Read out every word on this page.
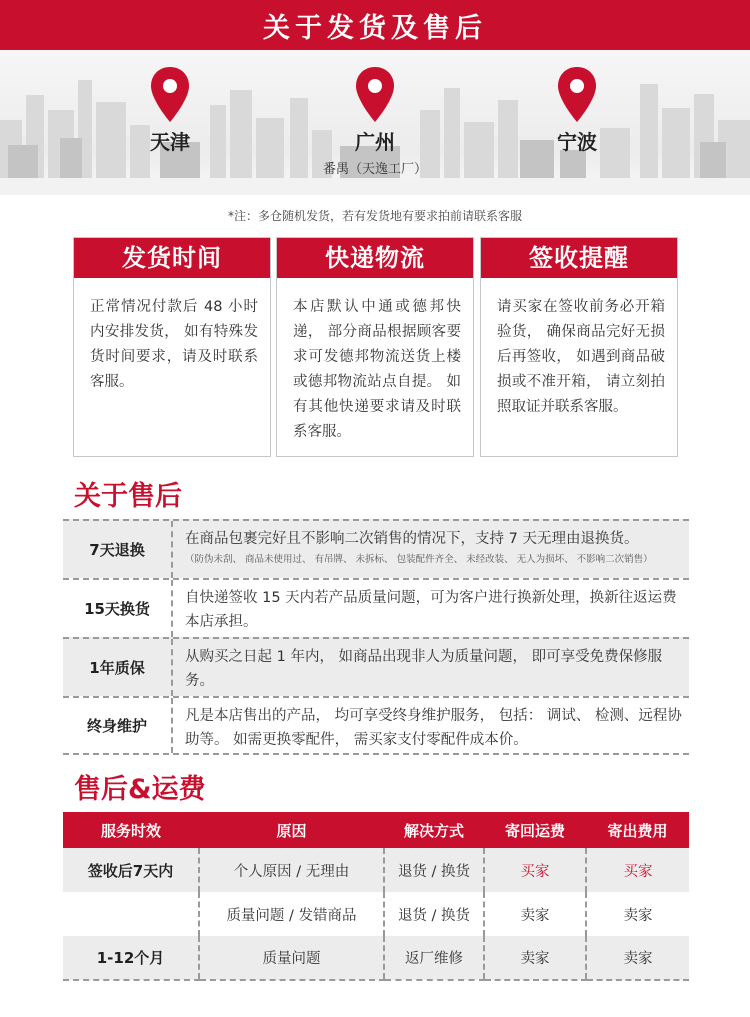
关于发货及售后
天津	广州
番禺（天逸工厂）
宁波
*注：多仓随机发货，若有发货地有要求拍前请联系客服
发货时间
正常情况付款后 48 小时内安排发货， 如有特殊发货时间要求，请及时联系客服。
快递物流
本店默认中通或德邦快递， 部分商品根据顾客要求可发德邦物流送货上楼或德邦物流站点自提。 如有其他快递要求请及时联系客服。
签收提醒
请买家在签收前务必开箱验货， 确保商品完好无损后再签收， 如遇到商品破损或不准开箱， 请立刻拍照取证并联系客服。
关于售后
7天退换
在商品包裹完好且不影响二次销售的情况下，支持 7 天无理由退换货。
（防伪未刮、 商品未使用过、 有吊牌、 未拆标、 包装配件齐全、 未经改装、 无人为损坏、 不影响二次销售）
15天换货
自快递签收 15 天内若产品质量问题，可为客户进行换新处理，换新往返运费本店承担。
1年质保
从购买之日起 1 年内， 如商品出现非人为质量问题， 即可享受免费保修服务。
终身维护
凡是本店售出的产品， 均可享受终身维护服务， 包括： 调试、 检测、远程协助等。 如需更换零配件， 需买家支付零配件成本价。
售后&运费
服务时效	原因	解决方式	寄回运费	寄出费用
签收后7天内	个人原因 / 无理由	退货 / 换货	买家	买家
	质量问题 / 发错商品	退货 / 换货	卖家	卖家
1-12个月	质量问题	返厂维修	卖家	卖家
